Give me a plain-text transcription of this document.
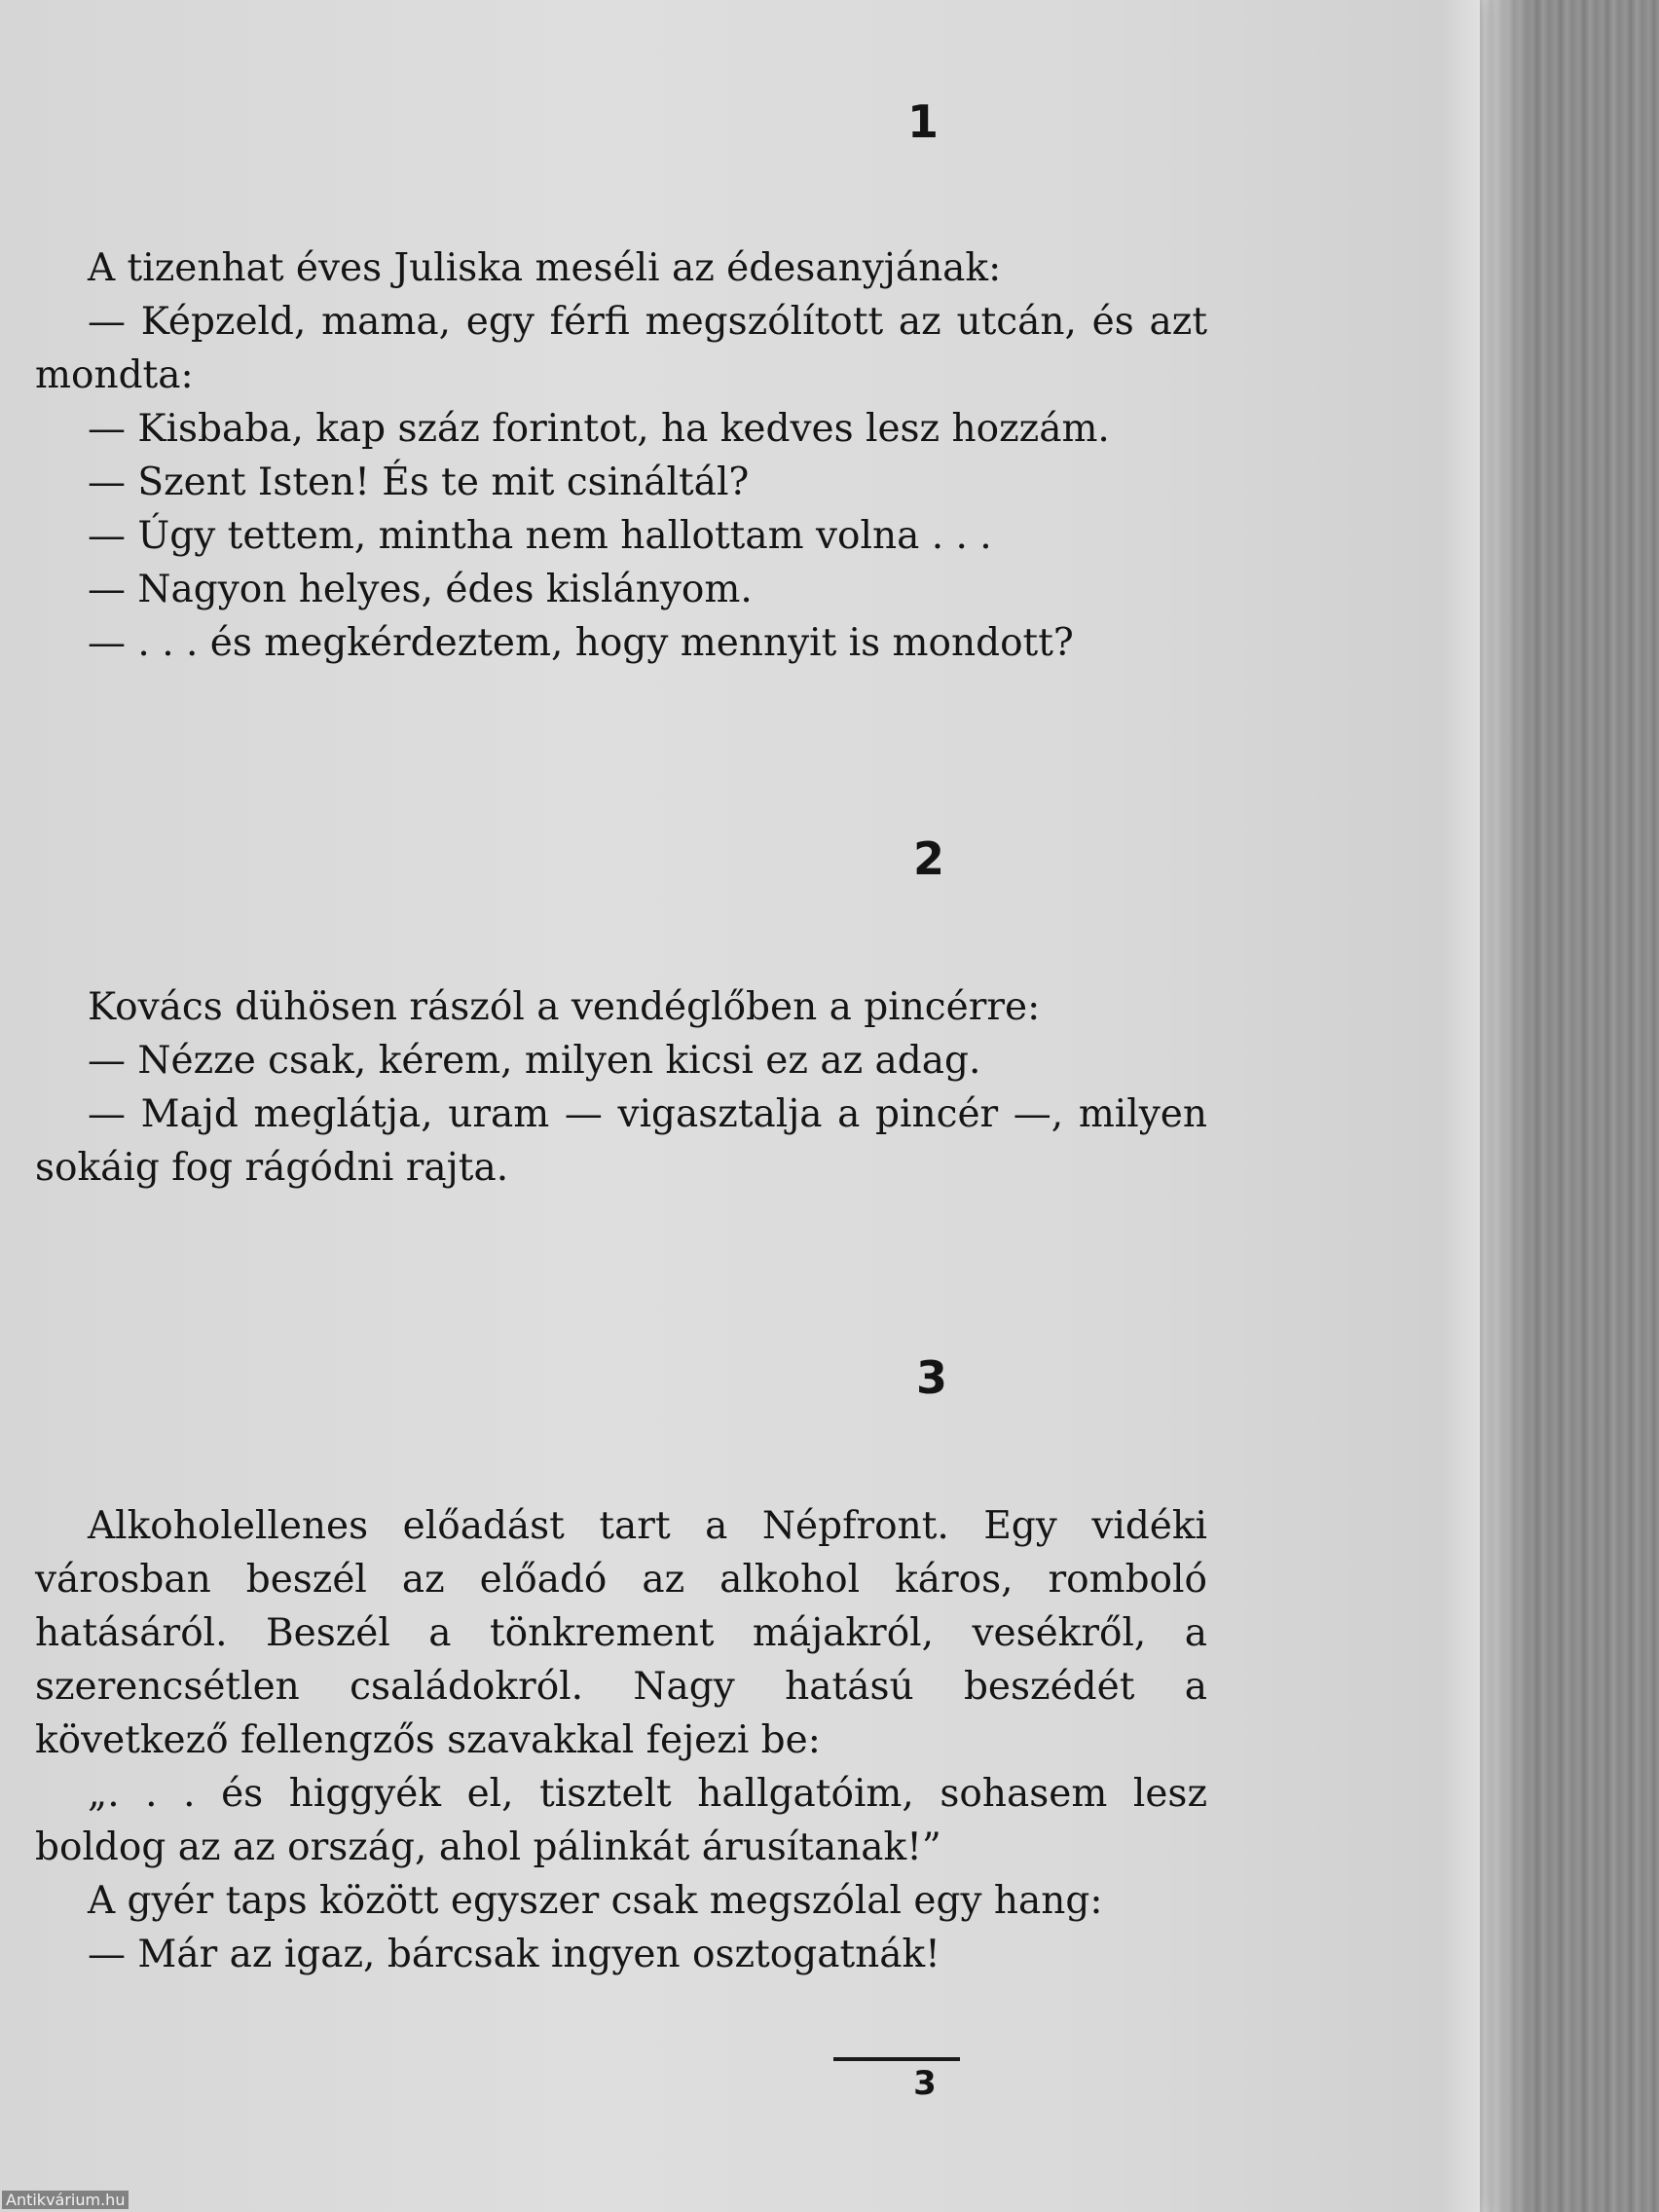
1

A tizenhat éves Juliska meséli az édesanyjának:

— Képzeld, mama, egy férfi megszólított az utcán, és azt mondta:

— Kisbaba, kap száz forintot, ha kedves lesz hozzám.

— Szent Isten! És te mit csináltál?

— Úgy tettem, mintha nem hallottam volna . . .

— Nagyon helyes, édes kislányom.

— . . . és megkérdeztem, hogy mennyit is mondott?

2

Kovács dühösen rászól a vendéglőben a pincérre:

— Nézze csak, kérem, milyen kicsi ez az adag.

— Majd meglátja, uram — vigasztalja a pincér —, milyen sokáig fog rágódni rajta.

3

Alkoholellenes előadást tart a Népfront. Egy vidéki városban beszél az előadó az alkohol káros, romboló hatásáról. Beszél a tönkrement májakról, vesékről, a szerencsétlen családokról. Nagy hatású beszédét a következő fellengzős szavakkal fejezi be:

„. . . és higgyék el, tisztelt hallgatóim, sohasem lesz boldog az az ország, ahol pálinkát árusítanak!”

A gyér taps között egyszer csak megszólal egy hang:

— Már az igaz, bárcsak ingyen osztogatnák!

3
Antikvárium.hu
